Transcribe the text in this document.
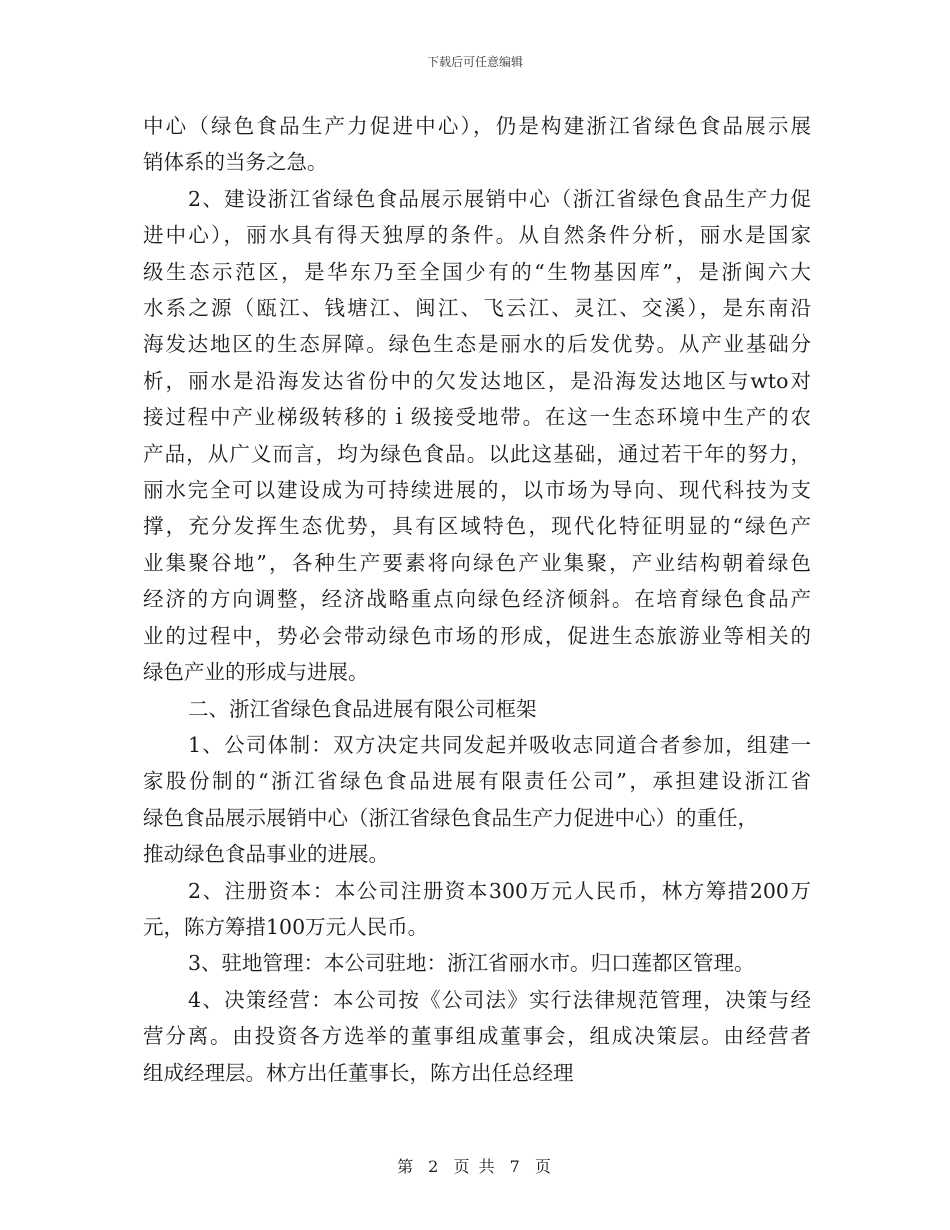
下载后可任意编辑
中心（绿色食品生产力促进中心），仍是构建浙江省绿色食品展示展
销体系的当务之急。
2、建设浙江省绿色食品展示展销中心（浙江省绿色食品生产力促
进中心），丽水具有得天独厚的条件。从自然条件分析，丽水是国家
级生态示范区，是华东乃至全国少有的“生物基因库”，是浙闽六大
水系之源（瓯江、钱塘江、闽江、飞云江、灵江、交溪），是东南沿
海发达地区的生态屏障。绿色生态是丽水的后发优势。从产业基础分
析，丽水是沿海发达省份中的欠发达地区，是沿海发达地区与wto对
接过程中产业梯级转移的ｉ级接受地带。在这一生态环境中生产的农
产品，从广义而言，均为绿色食品。以此这基础，通过若干年的努力，
丽水完全可以建设成为可持续进展的，以市场为导向、现代科技为支
撑，充分发挥生态优势，具有区域特色，现代化特征明显的“绿色产
业集聚谷地”，各种生产要素将向绿色产业集聚，产业结构朝着绿色
经济的方向调整，经济战略重点向绿色经济倾斜。在培育绿色食品产
业的过程中，势必会带动绿色市场的形成，促进生态旅游业等相关的
绿色产业的形成与进展。
二、浙江省绿色食品进展有限公司框架
1、公司体制：双方决定共同发起并吸收志同道合者参加，组建一
家股份制的“浙江省绿色食品进展有限责任公司”，承担建设浙江省
绿色食品展示展销中心（浙江省绿色食品生产力促进中心）的重任，
推动绿色食品事业的进展。
2、注册资本：本公司注册资本300万元人民币，林方筹措200万
元，陈方筹措100万元人民币。
3、驻地管理：本公司驻地：浙江省丽水市。归口莲都区管理。
4、决策经营：本公司按《公司法》实行法律规范管理，决策与经
营分离。由投资各方选举的董事组成董事会，组成决策层。由经营者
组成经理层。林方出任董事长，陈方出任总经理
第 2 页 共 7 页
